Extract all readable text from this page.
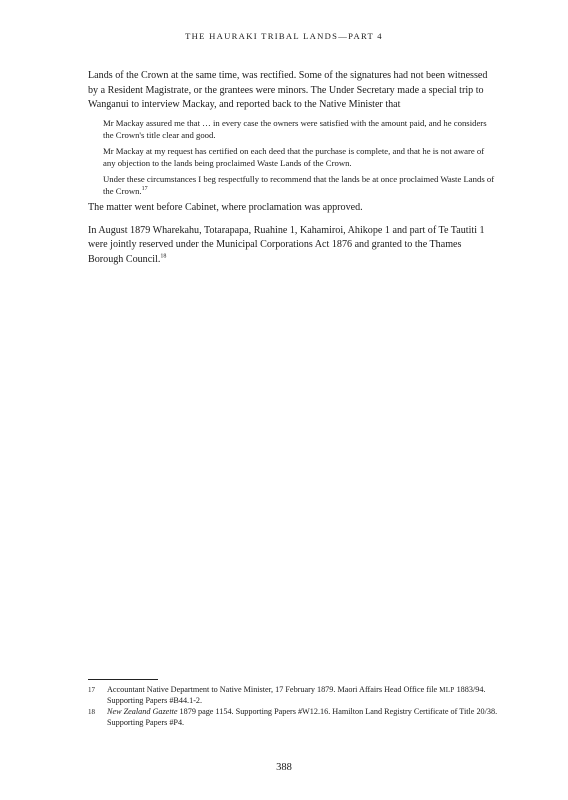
THE HAURAKI TRIBAL LANDS—PART 4

Lands of the Crown at the same time, was rectified. Some of the signatures had not been witnessed by a Resident Magistrate, or the grantees were minors. The Under Secretary made a special trip to Wanganui to interview Mackay, and reported back to the Native Minister that

Mr Mackay assured me that … in every case the owners were satisfied with the amount paid, and he considers the Crown's title clear and good.

Mr Mackay at my request has certified on each deed that the purchase is complete, and that he is not aware of any objection to the lands being proclaimed Waste Lands of the Crown.

Under these circumstances I beg respectfully to recommend that the lands be at once proclaimed Waste Lands of the Crown.$^{17}$

The matter went before Cabinet, where proclamation was approved.

In August 1879 Wharekahu, Totarapapa, Ruahine 1, Kahamiroi, Ahikope 1 and part of Te Tautiti 1 were jointly reserved under the Municipal Corporations Act 1876 and granted to the Thames Borough Council.$^{18}$

17 Accountant Native Department to Native Minister, 17 February 1879. Maori Affairs Head Office file MLP 1883/94. Supporting Papers #B44.1-2.
18 New Zealand Gazette 1879 page 1154. Supporting Papers #W12.16. Hamilton Land Registry Certificate of Title 20/38. Supporting Papers #P4.
388
